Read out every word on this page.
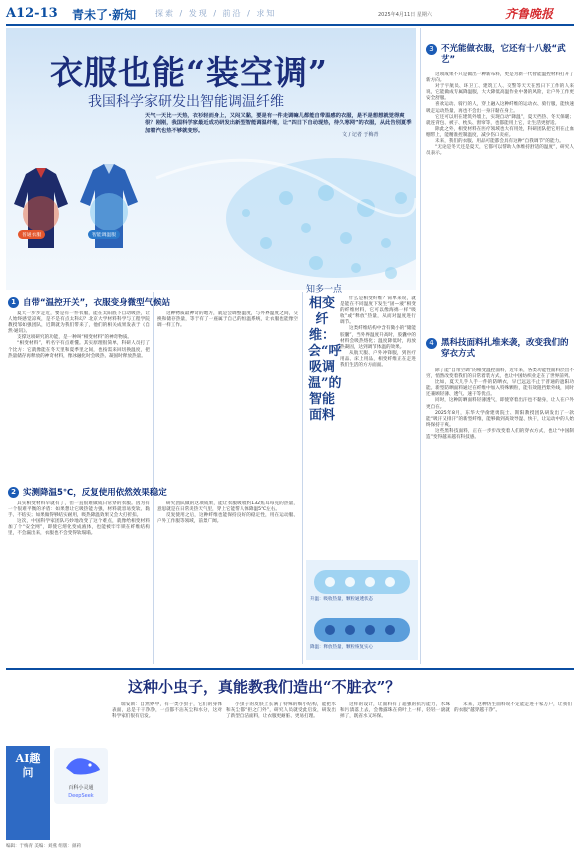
A12-13 青未了·新知 探索 / 发现 / 前沿 / 求知	2025年4月11日 星期六	齐鲁晚报
衣服也能“装空调”
我国科学家研发出智能调温纤维
天气一天比一天热，衣衫轻而身上，又闷又黏，要是有一件走调嘛儿都能自带温感的衣服，是不是想想就觉得爽很？刚刚，我国科学家最近成功研发出新型智能调温纤维，让“四日下自动现热，待久寒网”的衣服，从此告别夏季加着汽也热不够就变形。
文 / 记者 于梅青
普通衣服	智能调温服
1 自带“温控开关”，衣服变身微型气候站

夏天一步步走近，要是有一件衣服，能在太阳底下自动吸热，让人始终感觉凉爽，是不是有点太科幻？北京大学材料科学与工程学院教授邹如强团队，近期就为我们带来了，他们的相关成果发表于《自然·通讯》。

支撑这项研究的功能，是一种叫“相变材料”的神奇物质。

“相变材料”，听名字有点难懂。其实原理很简单，科研人员打了个比方：它就像能在冬天里和夏季里之间，也按需来回切换温度，把热量储存再释放的神奇材料，像冰融化时会吸热、凝固时释放热量。

这种物质最神奇的地方，就是会调整温度，与外界温度之间，交换和储存热量，等于有了一座属于自己的恒温系统，让衣服也能像空调一样工作。

2 实测降温5℃，反复使用依然效果稳定

其实相变材料早就有了，但一直很难做成日常穿的衣服。因为有一个很难平衡的矛盾：如果想让它吸热能力强，材料就容易变软、黏手、不结实；如果做得够结实耐用，吸热降温效果又会大打折扣。

这次，中国科学家团队巧妙地改变了这个难点，就像给相变材料加了个“安全网”，即使它熔化变成液体，也能被牢牢锁在纤维结构里，不会漏出来，衣服也不会变得软塌塌。

研究团队做的这项成果，能让衣服吸收约132焦耳每克的热量，意思就是在日常炎热天气里，穿上它能帮人体降温5℃左右。

反复使用之后，这种纤维也能保持良好的稳定性，用在运动服、户外工作服等领域，前景广阔。

知多一点
相变纤维：会“呼吸调温”的智能面料

什么是相变纤维？简单来说，就是能在不同温度下发生“固—液”相变的纤维材料，它可以像海绵一样“吸收”或“释放”热量，从而对温度进行调节。

这类纤维结构中含有微小的“储能胶囊”，当外界温度升高时，胶囊中的材料会吸热熔化；温度降低时，再放热凝固，达到调节体温的效果。

从航天服、户外冲锋服，到医疗用品、床上用品，相变纤维正在走进我们生活的方方面面。

升温：吸收热量，颗粒通透状态
降温：释放热量，颗粒恢复实心
3 不光能做衣服，它还有十八般“武艺”

这项成果不只是做出一种新布料，更是为新一代智能温控材料打开了新方向。

对于宇航员、环卫工、建筑工人、交警等天天在烈日下工作的人来说，它能做成专属降温服，大大降低高温作业中暑的风险，让户外工作更安全舒服。

喜欢运动、骑行的人，穿上融入这种纤维的运动衣、骑行服，能快速吸走运动热量，再也不会出一身汗黏在身上。

它还可以用在建筑外墙上，实现自动“降温”，夏天挡热、冬天保暖；就连背包、被子、枕头、窗帘等，也都能用上它，让生活更舒适。

除此之外，相变材料在医疗领域也大有用处，科研团队把它用在止血绷带上，能精准控制温度，减少伤口炎症。

未来，我们的衣服、用品可能都会具有这种“自我调节”的能力。

“无论是冬天还是夏天，它都可以帮助人体维持舒适的温度”，研究人员表示。

4 黑科技面料扎堆来袭，改变我们的穿衣方式

除了能“自带空调”的相变温控面料，近年来，各类功能性面料层出不穷，悄然改变着我们的日常着装方式，也让中国纺织业走在了世界前列。

比如，夏天儿乎人手一件的防晒衣，早已远远不止于普通的遮阳功能。新型防晒面料通过在纤维中加入特殊颗粒，能有效阻挡紫外线，同时还兼顾轻薄、透气、速干等优点。

同时，这种防晒面料轻薄透气，即使穿着出汗也不黏身，让人在户外更自在。

2025年8月，东华大学俞建勇院士、斯阳教授团队研发出了一款能“吸汗又排汗”的新型纤维，能够做到高效导湿、快干，让运动中的人始终保持干爽。

这些黑科技面料，正在一步步改变着人们的穿衣方式，也让“中国制造”变得越来越有科技感。

这种小虫子，真能教我们造出“不脏衣”？
AI趣问
百科小灵通
DeepSeek

瑞安斯：自然界中，有一类小虫子，它们的身体表面，总是干干净净，一点都不沾灰尘和水分，这对科学家们很有启发。

小虫子的皮肤上长满了特殊的细小结构，能把水和灰尘都“拒之门外”，研究人员就受此启发，研发出了新型自洁面料，让衣服更耐脏、更易打理。

这样的设计，让面料有了超强的抗污能力，水珠和污渍落上去，会像露珠在荷叶上一样，轻轻一滚就掉了，既省水又环保。

未来，这种仿生面料说不定能走进千家万户，让我们的衣服“越穿越干净”。

编辑：于梅青 美编：刘燕 组版：颜莉
